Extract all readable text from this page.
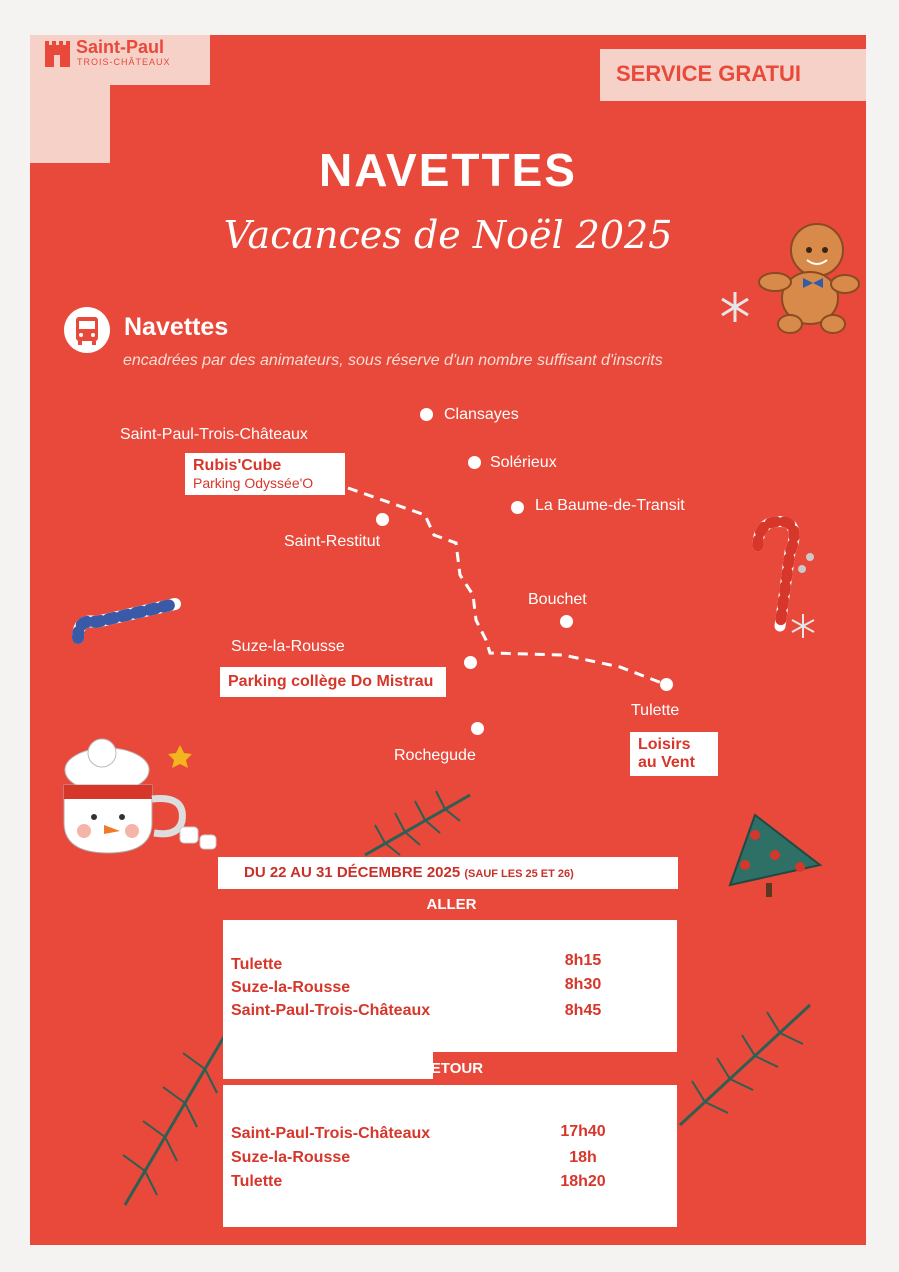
SERVICE GRATUI
Saint-Paul
TROIS-CHÂTEAUX
NAVETTES
Vacances de Noël 2025
Navettes
encadrées par des animateurs, sous réserve d'un nombre suffisant d'inscrits
Clansayes
Solérieux
La Baume-de-Transit
Saint-Paul-Trois-Châteaux
Saint-Restitut
Bouchet
Suze-la-Rousse
Tulette
Rochegude
Rubis'Cube
Parking Odyssée'O
Parking collège Do Mistrau
Loisirs
au Vent
DU 22 AU 31 DÉCEMBRE 2025 (SAUF LES 25 ET 26)
ALLER
Tulette	8h15
Suze-la-Rousse	8h30
Saint-Paul-Trois-Châteaux	8h45
RETOUR
Saint-Paul-Trois-Châteaux	17h40
Suze-la-Rousse	18h
Tulette	18h20
